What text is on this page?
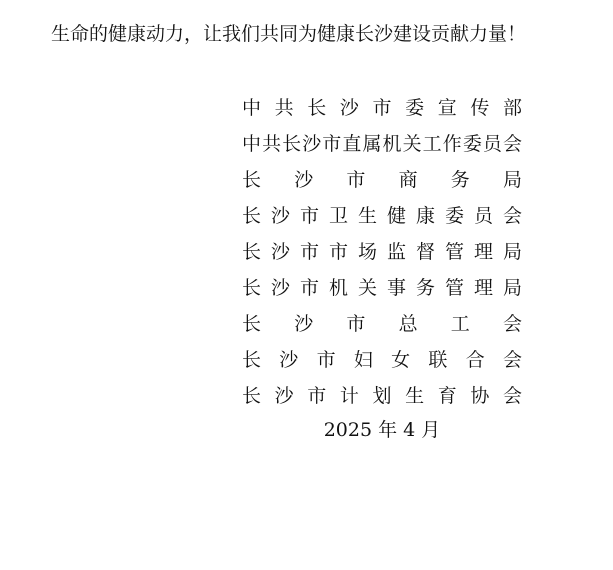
生命的健康动力，让我们共同为健康长沙建设贡献力量！
中 共 长 沙 市 委 宣 传 部
中共长沙市直属机关工作委员会
长 沙 市 商 务 局
长 沙 市 卫 生 健 康 委 员 会
长 沙 市 市 场 监 督 管 理 局
长 沙 市 机 关 事 务 管 理 局
长 沙 市 总 工 会
长 沙 市 妇 女 联 合 会
长 沙 市 计 划 生 育 协 会
2025 年 4 月
